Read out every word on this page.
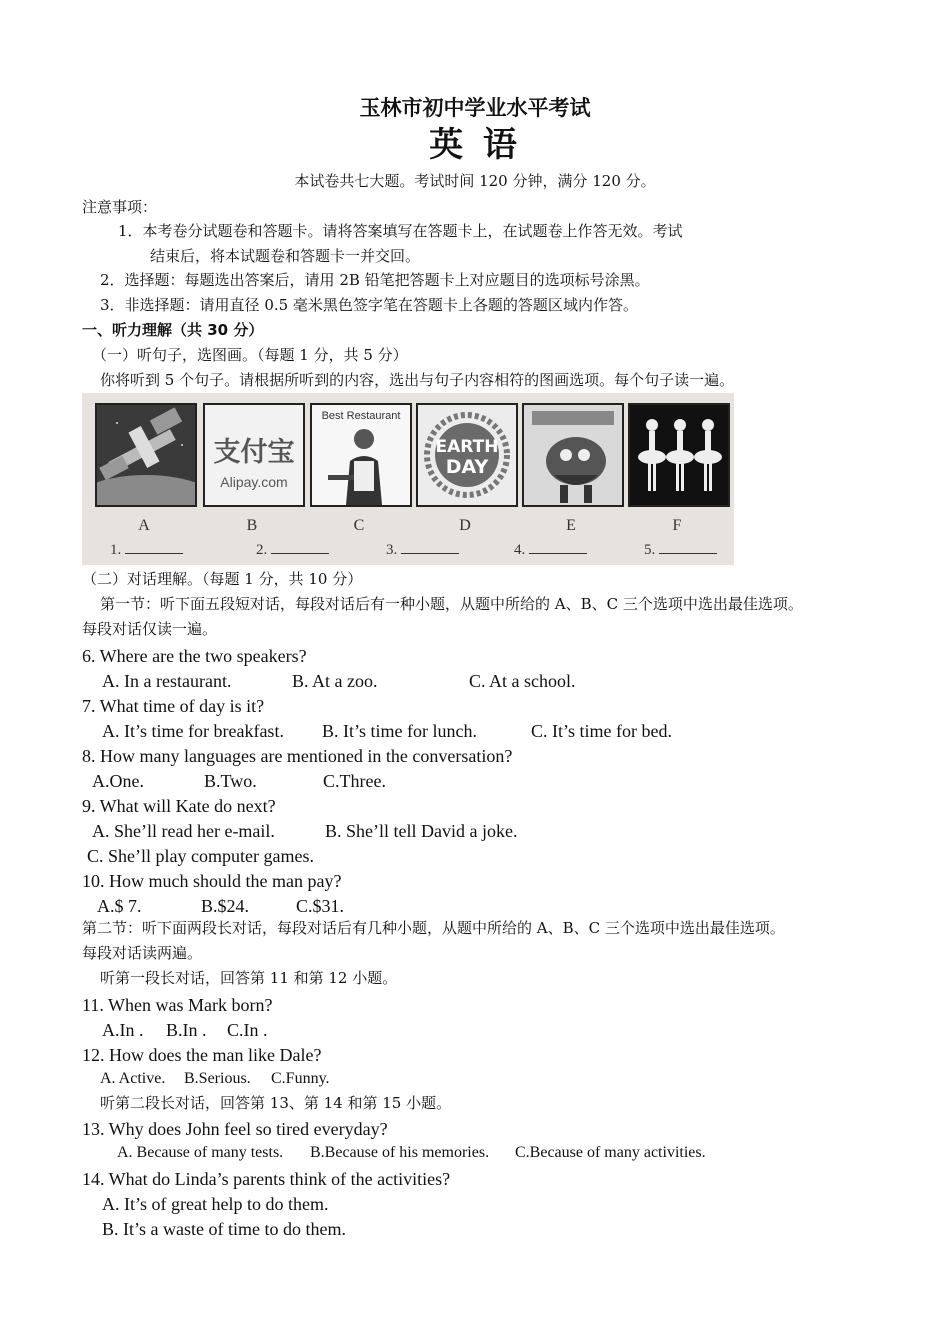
玉林市初中学业水平考试
英 语
本试卷共七大题。考试时间 120 分钟，满分 120 分。
注意事项：
1．本考卷分试题卷和答题卡。请将答案填写在答题卡上，在试题卷上作答无效。考试
结束后，将本试题卷和答题卡一并交回。
2．选择题：每题选出答案后，请用 2B 铅笔把答题卡上对应题目的选项标号涂黑。
3．非选择题：请用直径 0.5 毫米黑色签字笔在答题卡上各题的答题区域内作答。
一、听力理解（共 30 分）
（一）听句子，选图画。（每题 1 分，共 5 分）
你将听到 5 个句子。请根据所听到的内容，选出与句子内容相符的图画选项。每个句子读一遍。
支付宝
Alipay.com
Best Restaurant
EARTH
DAY
A	B	C	D	E	F
1.	2.	3.	4.	5.
（二）对话理解。（每题 1 分，共 10 分）
第一节：听下面五段短对话，每段对话后有一种小题，从题中所给的 A、B、C 三个选项中选出最佳选项。
每段对话仅读一遍。
6. Where are the two speakers?
A. In a restaurant.	B. At a zoo.	C. At a school.
7. What time of day is it?
A. It’s time for breakfast. B. It’s time for lunch.	C. It’s time for bed.
8. How many languages are mentioned in the conversation?
A.One.	B.Two.	C.Three.
9. What will Kate do next?
A. She’ll read her e-mail.	B. She’ll tell David a joke.
C. She’ll play computer games.
10. How much should the man pay?
A.$ 7.	B.$24.	C.$31.
第二节：听下面两段长对话，每段对话后有几种小题，从题中所给的 A、B、C 三个选项中选出最佳选项。
每段对话读两遍。
听第一段长对话，回答第 11 和第 12 小题。
11. When was Mark born?
A.In . B.In . C.In .
12. How does the man like Dale?
A. Active. B.Serious. C.Funny.
听第二段长对话，回答第 13、第 14 和第 15 小题。
13. Why does John feel so tired everyday?
A. Because of many tests. B.Because of his memories. C.Because of many activities.
14. What do Linda’s parents think of the activities?
A. It’s of great help to do them.
B. It’s a waste of time to do them.
